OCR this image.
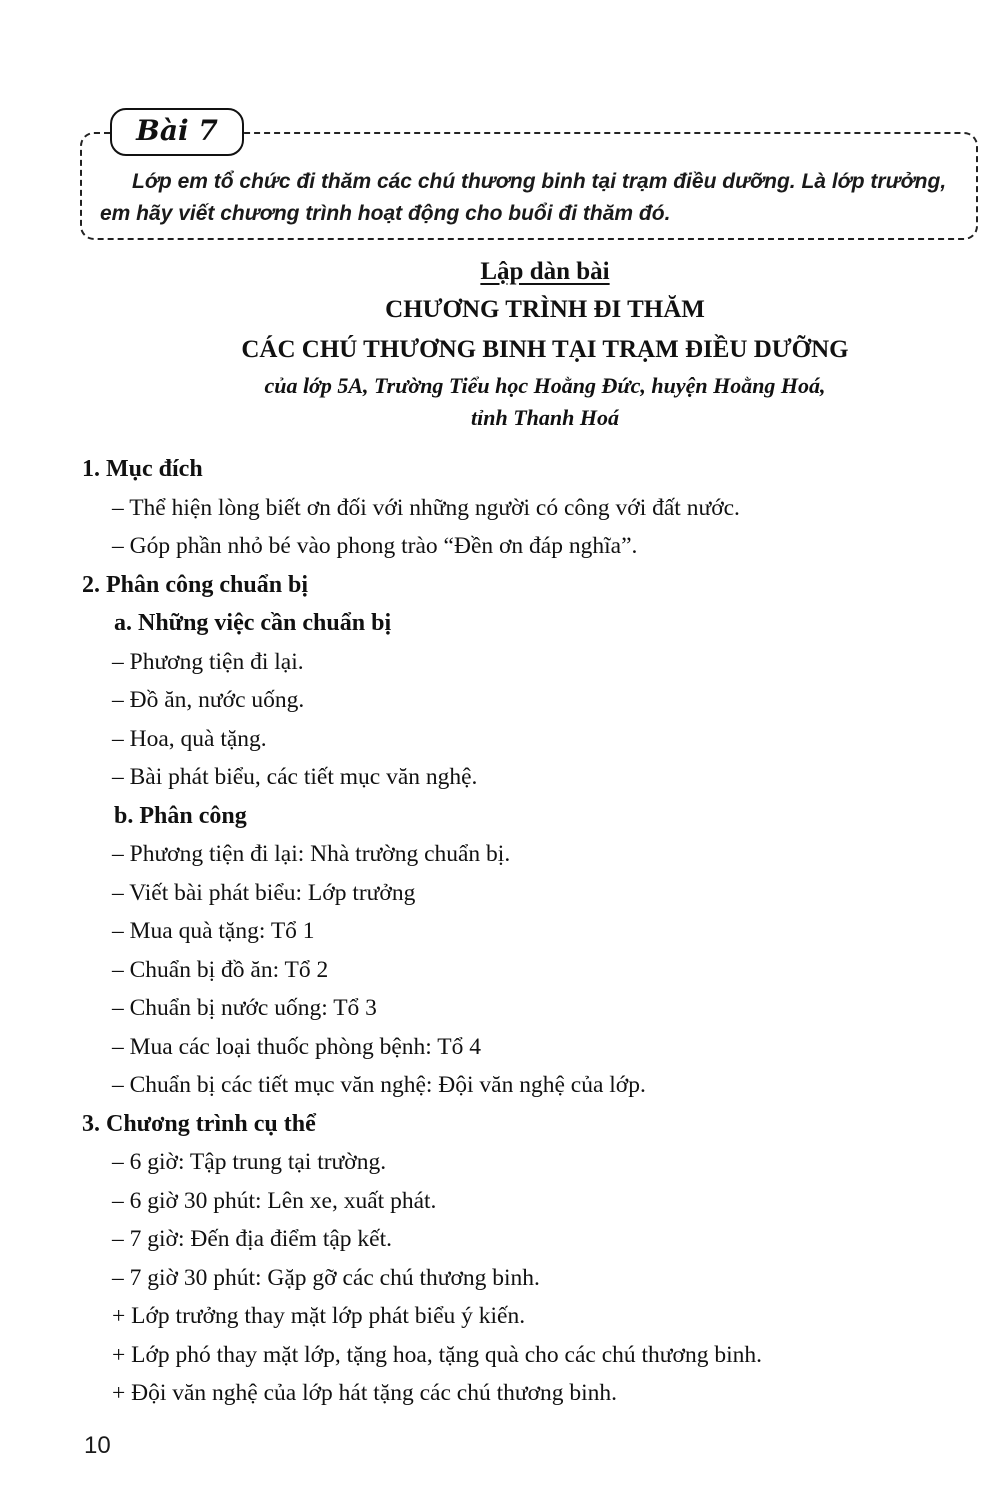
Bài 7
Lớp em tổ chức đi thăm các chú thương binh tại trạm điều dưỡng. Là lớp trưởng, em hãy viết chương trình hoạt động cho buổi đi thăm đó.
Lập dàn bài
CHƯƠNG TRÌNH ĐI THĂM
CÁC CHÚ THƯƠNG BINH TẠI TRẠM ĐIỀU DƯỠNG
của lớp 5A, Trường Tiểu học Hoằng Đức, huyện Hoằng Hoá,
tỉnh Thanh Hoá
1. Mục đích
– Thể hiện lòng biết ơn đối với những người có công với đất nước.
– Góp phần nhỏ bé vào phong trào “Đền ơn đáp nghĩa”.
2. Phân công chuẩn bị
a. Những việc cần chuẩn bị
– Phương tiện đi lại.
– Đồ ăn, nước uống.
– Hoa, quà tặng.
– Bài phát biểu, các tiết mục văn nghệ.
b. Phân công
– Phương tiện đi lại: Nhà trường chuẩn bị.
– Viết bài phát biểu: Lớp trưởng
– Mua quà tặng: Tổ 1
– Chuẩn bị đồ ăn: Tổ 2
– Chuẩn bị nước uống: Tổ 3
– Mua các loại thuốc phòng bệnh: Tổ 4
– Chuẩn bị các tiết mục văn nghệ: Đội văn nghệ của lớp.
3. Chương trình cụ thể
– 6 giờ: Tập trung tại trường.
– 6 giờ 30 phút: Lên xe, xuất phát.
– 7 giờ: Đến địa điểm tập kết.
– 7 giờ 30 phút: Gặp gỡ các chú thương binh.
+ Lớp trưởng thay mặt lớp phát biểu ý kiến.
+ Lớp phó thay mặt lớp, tặng hoa, tặng quà cho các chú thương binh.
+ Đội văn nghệ của lớp hát tặng các chú thương binh.
10
